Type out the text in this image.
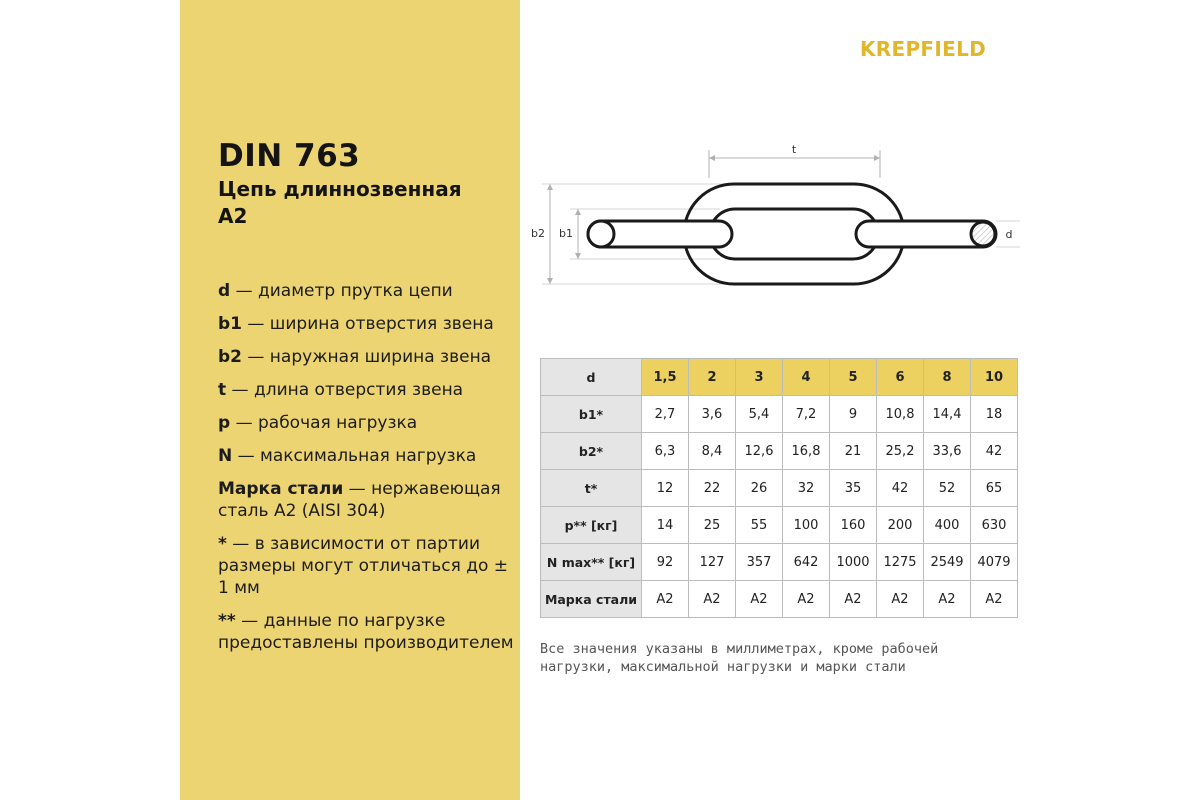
DIN 763
Цепь длиннозвенная
А2
d — диаметр прутка цепи
b1 — ширина отверстия звена
b2 — наружная ширина звена
t — длина отверстия звена
p — рабочая нагрузка
N — максимальная нагрузка
Марка стали — нержавеющая сталь А2 (AISI 304)
* — в зависимости от партии размеры могут отличаться до ± 1 мм
** — данные по нагрузке предоставлены производителем
KREPFIELD
t
b2 b1	d
d	1,5	2	3	4	5	6	8	10
b1*	2,7	3,6	5,4	7,2	9	10,8	14,4	18
b2*	6,3	8,4	12,6	16,8	21	25,2	33,6	42
t*	12	22	26	32	35	42	52	65
p** [кг]	14	25	55	100	160	200	400	630
N max** [кг]	92	127	357	642	1000	1275	2549	4079
Марка стали	А2	А2	А2	А2	А2	А2	А2	А2
Все значения указаны в миллиметрах, кроме рабочей нагрузки, максимальной нагрузки и марки стали
